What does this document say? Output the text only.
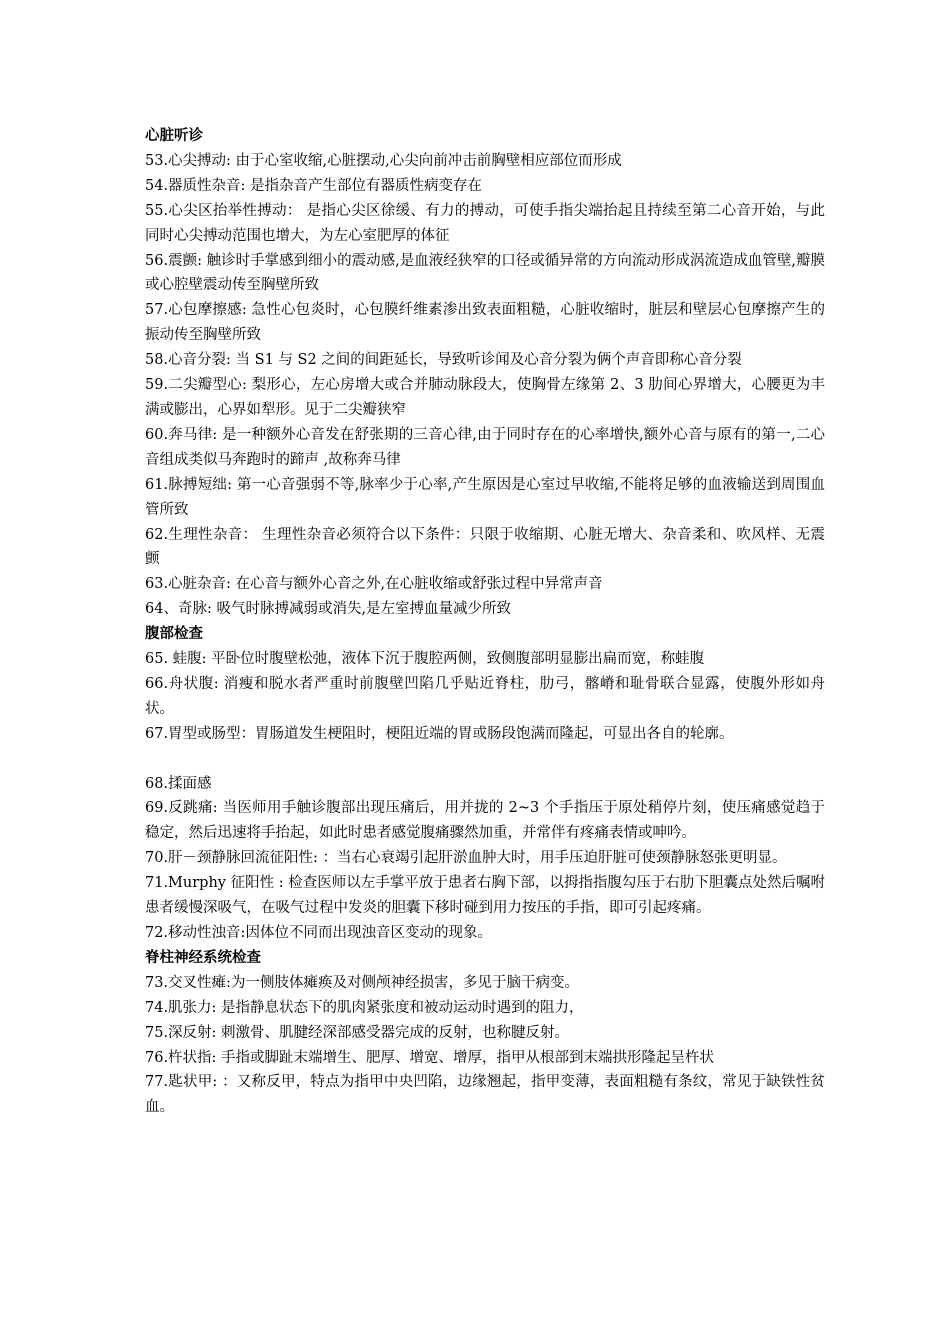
心脏听诊

53.心尖搏动: 由于心室收缩,心脏摆动,心尖向前冲击前胸壁相应部位而形成

54.器质性杂音: 是指杂音产生部位有器质性病变存在

55.心尖区抬举性搏动： 是指心尖区徐缓、有力的搏动，可使手指尖端抬起且持续至第二心音开始，与此同时心尖搏动范围也增大，为左心室肥厚的体征

56.震颤: 触诊时手掌感到细小的震动感,是血液经狭窄的口径或循异常的方向流动形成涡流造成血管壁,瓣膜或心腔壁震动传至胸壁所致

57.心包摩擦感: 急性心包炎时，心包膜纤维素渗出致表面粗糙，心脏收缩时，脏层和壁层心包摩擦产生的振动传至胸壁所致

58.心音分裂: 当 S1 与 S2 之间的间距延长，导致听诊闻及心音分裂为俩个声音即称心音分裂

59.二尖瓣型心: 梨形心，左心房增大或合并肺动脉段大，使胸骨左缘第 2、3 肋间心界增大，心腰更为丰满或膨出，心界如犁形。见于二尖瓣狭窄

60.奔马律: 是一种额外心音发在舒张期的三音心律,由于同时存在的心率增快,额外心音与原有的第一,二心音组成类似马奔跑时的蹄声 ,故称奔马律

61.脉搏短绌: 第一心音强弱不等,脉率少于心率,产生原因是心室过早收缩,不能将足够的血液输送到周围血管所致

62.生理性杂音： 生理性杂音必须符合以下条件：只限于收缩期、心脏无增大、杂音柔和、吹风样、无震颤

63.心脏杂音: 在心音与额外心音之外,在心脏收缩或舒张过程中异常声音

64、奇脉: 吸气时脉搏减弱或消失,是左室搏血量减少所致

腹部检查

65. 蛙腹: 平卧位时腹壁松弛，液体下沉于腹腔两侧，致侧腹部明显膨出扁而宽，称蛙腹

66.舟状腹: 消瘦和脱水者严重时前腹壁凹陷几乎贴近脊柱，肋弓，髂嵴和耻骨联合显露，使腹外形如舟状。

67.胃型或肠型：胃肠道发生梗阻时，梗阻近端的胃或肠段饱满而隆起，可显出各自的轮廓。

68.揉面感

69.反跳痛: 当医师用手触诊腹部出现压痛后，用并拢的 2~3 个手指压于原处稍停片刻，使压痛感觉趋于稳定，然后迅速将手抬起，如此时患者感觉腹痛骤然加重，并常伴有疼痛表情或呻吟。

70.肝－颈静脉回流征阳性: ：当右心衰竭引起肝淤血肿大时，用手压迫肝脏可使颈静脉怒张更明显。

71.Murphy 征阳性 : 检查医师以左手掌平放于患者右胸下部，以拇指指腹勾压于右肋下胆囊点处然后嘱咐患者缓慢深吸气，在吸气过程中发炎的胆囊下移时碰到用力按压的手指，即可引起疼痛。

72.移动性浊音:因体位不同而出现浊音区变动的现象。

脊柱神经系统检查

73.交叉性瘫:为一侧肢体瘫痪及对侧颅神经损害，多见于脑干病变。

74.肌张力: 是指静息状态下的肌肉紧张度和被动运动时遇到的阻力，

75.深反射: 刺激骨、肌腱经深部感受器完成的反射，也称腱反射。

76.杵状指: 手指或脚趾末端增生、肥厚、增宽、增厚，指甲从根部到末端拱形隆起呈杵状

77.匙状甲: ：又称反甲，特点为指甲中央凹陷，边缘翘起，指甲变薄，表面粗糙有条纹，常见于缺铁性贫血。
